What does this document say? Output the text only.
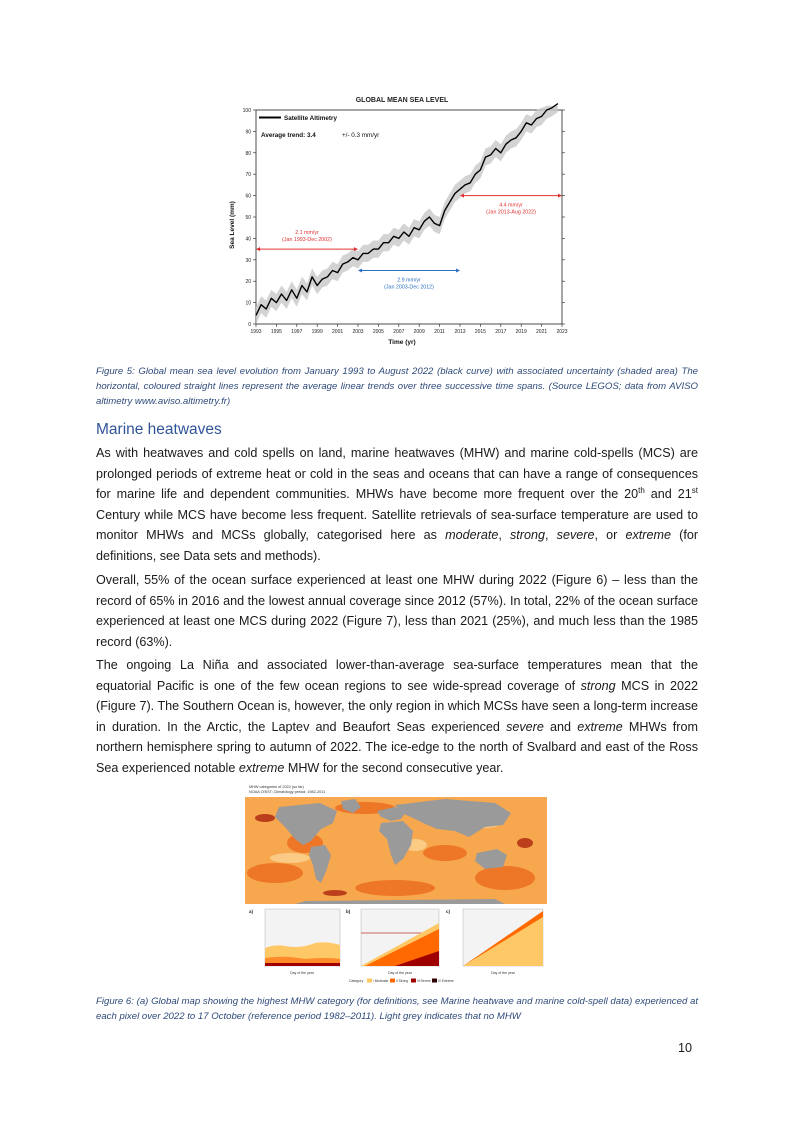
GLOBAL MEAN SEA LEVEL
1993 1995 1997 1999 2001 2003 2005 2007 2009 2011 2013 2015 2017 2019 2021 2023
0
10
20
30
40
50
60
70
80
90
100
2.1 mm/yr
(Jan 1993-Dec 2002)
2.9 mm/yr
(Jan 2003-Dec 2012)
4.4 mm/yr
(Jan 2013-Aug 2022)
Satellite Altimetry
Average trend: 3.4	+/- 0.3 mm/yr
Time (yr)
Sea Level (mm)
Figure 5: Global mean sea level evolution from January 1993 to August 2022 (black curve) with associated uncertainty (shaded area) The horizontal, coloured straight lines represent the average linear trends over three successive time spans. (Source LEGOS; data from AVISO altimetry www.aviso.altimetry.fr)
Marine heatwaves

As with heatwaves and cold spells on land, marine heatwaves (MHW) and marine cold-spells (MCS) are prolonged periods of extreme heat or cold in the seas and oceans that can have a range of consequences for marine life and dependent communities. MHWs have become more frequent over the 20th and 21st Century while MCS have become less frequent. Satellite retrievals of sea-surface temperature are used to monitor MHWs and MCSs globally, categorised here as moderate, strong, severe, or extreme (for definitions, see Data sets and methods).

Overall, 55% of the ocean surface experienced at least one MHW during 2022 (Figure 6) – less than the record of 65% in 2016 and the lowest annual coverage since 2012 (57%). In total, 22% of the ocean surface experienced at least one MCS during 2022 (Figure 7), less than 2021 (25%), and much less than the 1985 record (63%).

The ongoing La Niña and associated lower-than-average sea-surface temperatures mean that the equatorial Pacific is one of the few ocean regions to see wide-spread coverage of strong MCS in 2022 (Figure 7). The Southern Ocean is, however, the only region in which MCSs have seen a long-term increase in duration. In the Arctic, the Laptev and Beaufort Seas experienced severe and extreme MHWs from northern hemisphere spring to autumn of 2022. The ice-edge to the north of Svalbard and east of the Ross Sea experienced notable extreme MHW for the second consecutive year.

MHW categories of 2022 (so far)
NOAA OISST; Climatology period: 1982-2011
a)
Day of the year
b)
Day of the year
c)
Day of the year
Category	I Moderate II Strong	III Severe IV Extreme
Figure 6: (a) Global map showing the highest MHW category (for definitions, see Marine heatwave and marine cold-spell data) experienced at each pixel over 2022 to 17 October (reference period 1982–2011). Light grey indicates that no MHW
10
